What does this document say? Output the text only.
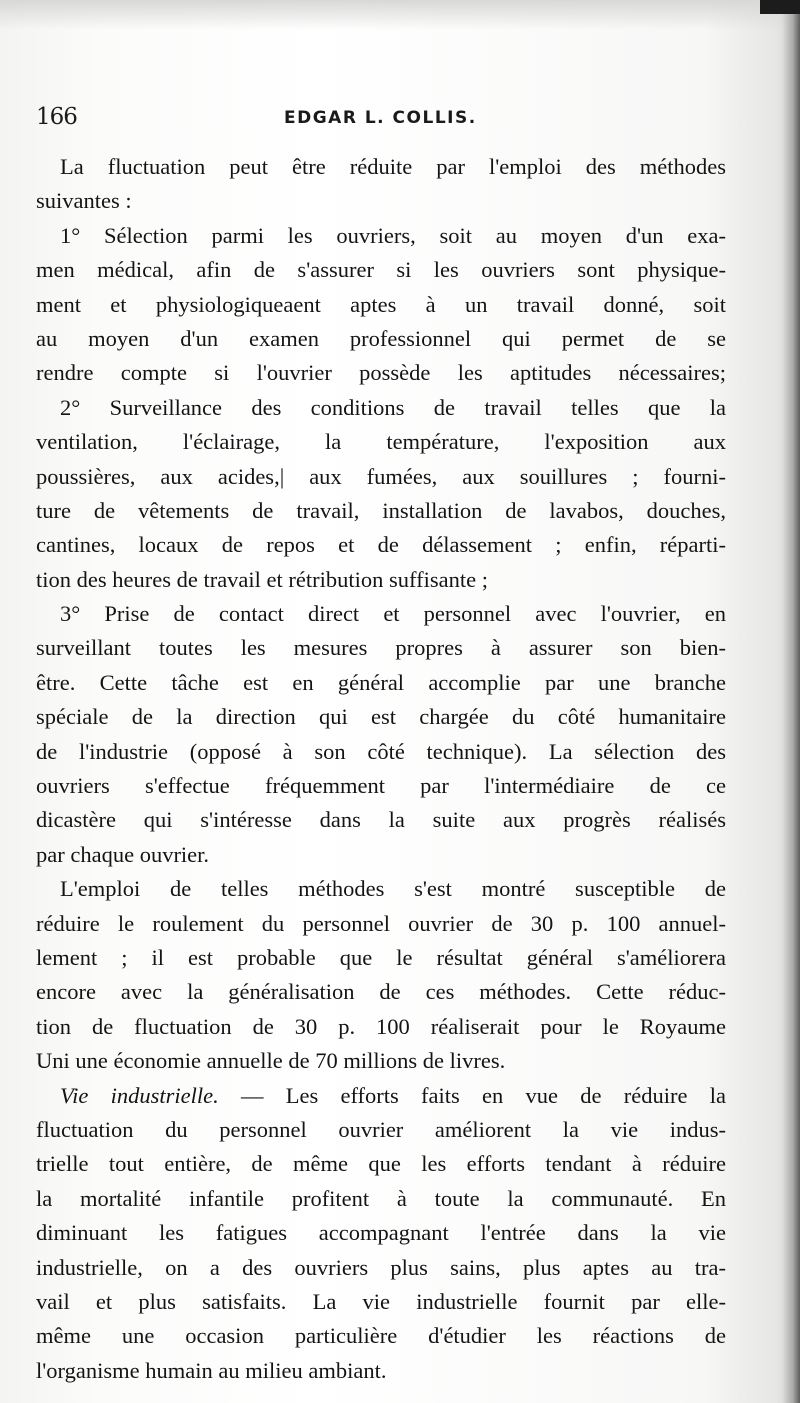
166	EDGAR L. COLLIS.
La fluctuation peut être réduite par l'emploi des méthodes
suivantes :
1° Sélection parmi les ouvriers, soit au moyen d'un exa-
men médical, afin de s'assurer si les ouvriers sont physique-
ment et physiologiqueaent aptes à un travail donné, soit
au moyen d'un examen professionnel qui permet de se
rendre compte si l'ouvrier possède les aptitudes nécessaires;
2° Surveillance des conditions de travail telles que la
ventilation, l'éclairage, la température, l'exposition aux
poussières, aux acides,| aux fumées, aux souillures ; fourni-
ture de vêtements de travail, installation de lavabos, douches,
cantines, locaux de repos et de délassement ; enfin, réparti-
tion des heures de travail et rétribution suffisante ;
3° Prise de contact direct et personnel avec l'ouvrier, en
surveillant toutes les mesures propres à assurer son bien-
être. Cette tâche est en général accomplie par une branche
spéciale de la direction qui est chargée du côté humanitaire
de l'industrie (opposé à son côté technique). La sélection des
ouvriers s'effectue fréquemment par l'intermédiaire de ce
dicastère qui s'intéresse dans la suite aux progrès réalisés
par chaque ouvrier.
L'emploi de telles méthodes s'est montré susceptible de
réduire le roulement du personnel ouvrier de 30 p. 100 annuel-
lement ; il est probable que le résultat général s'améliorera
encore avec la généralisation de ces méthodes. Cette réduc-
tion de fluctuation de 30 p. 100 réaliserait pour le Royaume
Uni une économie annuelle de 70 millions de livres.
Vie industrielle. — Les efforts faits en vue de réduire la
fluctuation du personnel ouvrier améliorent la vie indus-
trielle tout entière, de même que les efforts tendant à réduire
la mortalité infantile profitent à toute la communauté. En
diminuant les fatigues accompagnant l'entrée dans la vie
industrielle, on a des ouvriers plus sains, plus aptes au tra-
vail et plus satisfaits. La vie industrielle fournit par elle-
même une occasion particulière d'étudier les réactions de
l'organisme humain au milieu ambiant.
